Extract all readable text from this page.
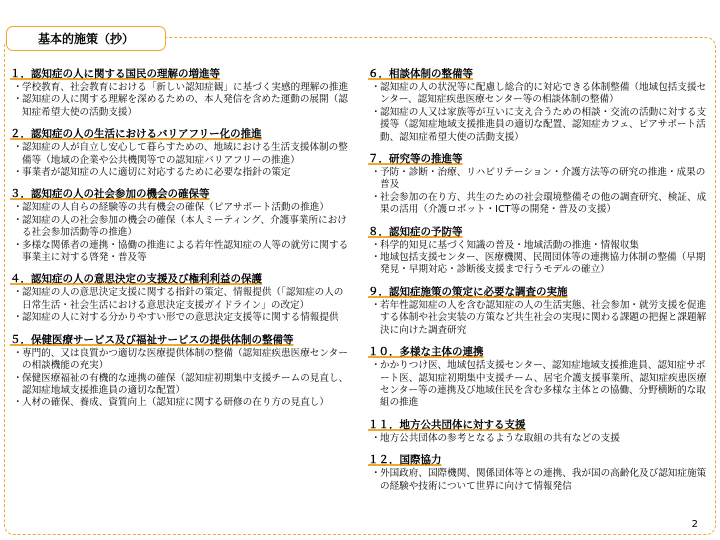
基本的施策（抄）
１．認知症の人に関する国民の理解の増進等
・学校教育、社会教育における「新しい認知症観」に基づく実感的理解の推進
・認知症の人に関する理解を深めるための、本人発信を含めた運動の展開（認知症希望大使の活動支援）
２．認知症の人の生活におけるバリアフリー化の推進
・認知症の人が自立し安心して暮らすための、地域における生活支援体制の整備等（地域の企業や公共機関等での認知症バリアフリーの推進）
・事業者が認知症の人に適切に対応するために必要な指針の策定
３．認知症の人の社会参加の機会の確保等
・認知症の人自らの経験等の共有機会の確保（ピアサポート活動の推進）
・認知症の人の社会参加の機会の確保（本人ミーティング、介護事業所における社会参加活動等の推進）
・多様な関係者の連携・協働の推進による若年性認知症の人等の就労に関する事業主に対する啓発・普及等
４．認知症の人の意思決定の支援及び権利利益の保護
・認知症の人の意思決定支援に関する指針の策定、情報提供（「認知症の人の日常生活・社会生活における意思決定支援ガイドライン」の改定）
・認知症の人に対する分かりやすい形での意思決定支援等に関する情報提供
５．保健医療サービス及び福祉サービスの提供体制の整備等
・専門的、又は良質かつ適切な医療提供体制の整備（認知症疾患医療センターの相談機能の充実）
・保健医療福祉の有機的な連携の確保（認知症初期集中支援チームの見直し、認知症地域支援推進員の適切な配置）
・人材の確保、養成、資質向上（認知症に関する研修の在り方の見直し）
６．相談体制の整備等
・認知症の人の状況等に配慮し総合的に対応できる体制整備（地域包括支援センター、認知症疾患医療センター等の相談体制の整備）
・認知症の人又は家族等が互いに支え合うための相談・交流の活動に対する支援等（認知症地域支援推進員の適切な配置、認知症カフェ、ピアサポート活動、認知症希望大使の活動支援）
７．研究等の推進等
・予防・診断・治療、リハビリテーション・介護方法等の研究の推進・成果の普及
・社会参加の在り方、共生のための社会環境整備その他の調査研究、検証、成果の活用（介護ロボット・ICT等の開発・普及の支援）
８．認知症の予防等
・科学的知見に基づく知識の普及・地域活動の推進・情報収集
・地域包括支援センター、医療機関、民間団体等の連携協力体制の整備（早期発見・早期対応・診断後支援まで行うモデルの確立）
９．認知症施策の策定に必要な調査の実施
・若年性認知症の人を含む認知症の人の生活実態、社会参加・就労支援を促進する体制や社会実装の方策など共生社会の実現に関わる課題の把握と課題解決に向けた調査研究
１０．多様な主体の連携
・かかりつけ医、地域包括支援センター、認知症地域支援推進員、認知症サポート医、認知症初期集中支援チーム、居宅介護支援事業所、認知症疾患医療センター等の連携及び地域住民を含む多様な主体との協働、分野横断的な取組の推進
１１．地方公共団体に対する支援
・地方公共団体の参考となるような取組の共有などの支援
１２．国際協力
・外国政府、国際機関、関係団体等との連携、我が国の高齢化及び認知症施策の経験や技術について世界に向けて情報発信
2
